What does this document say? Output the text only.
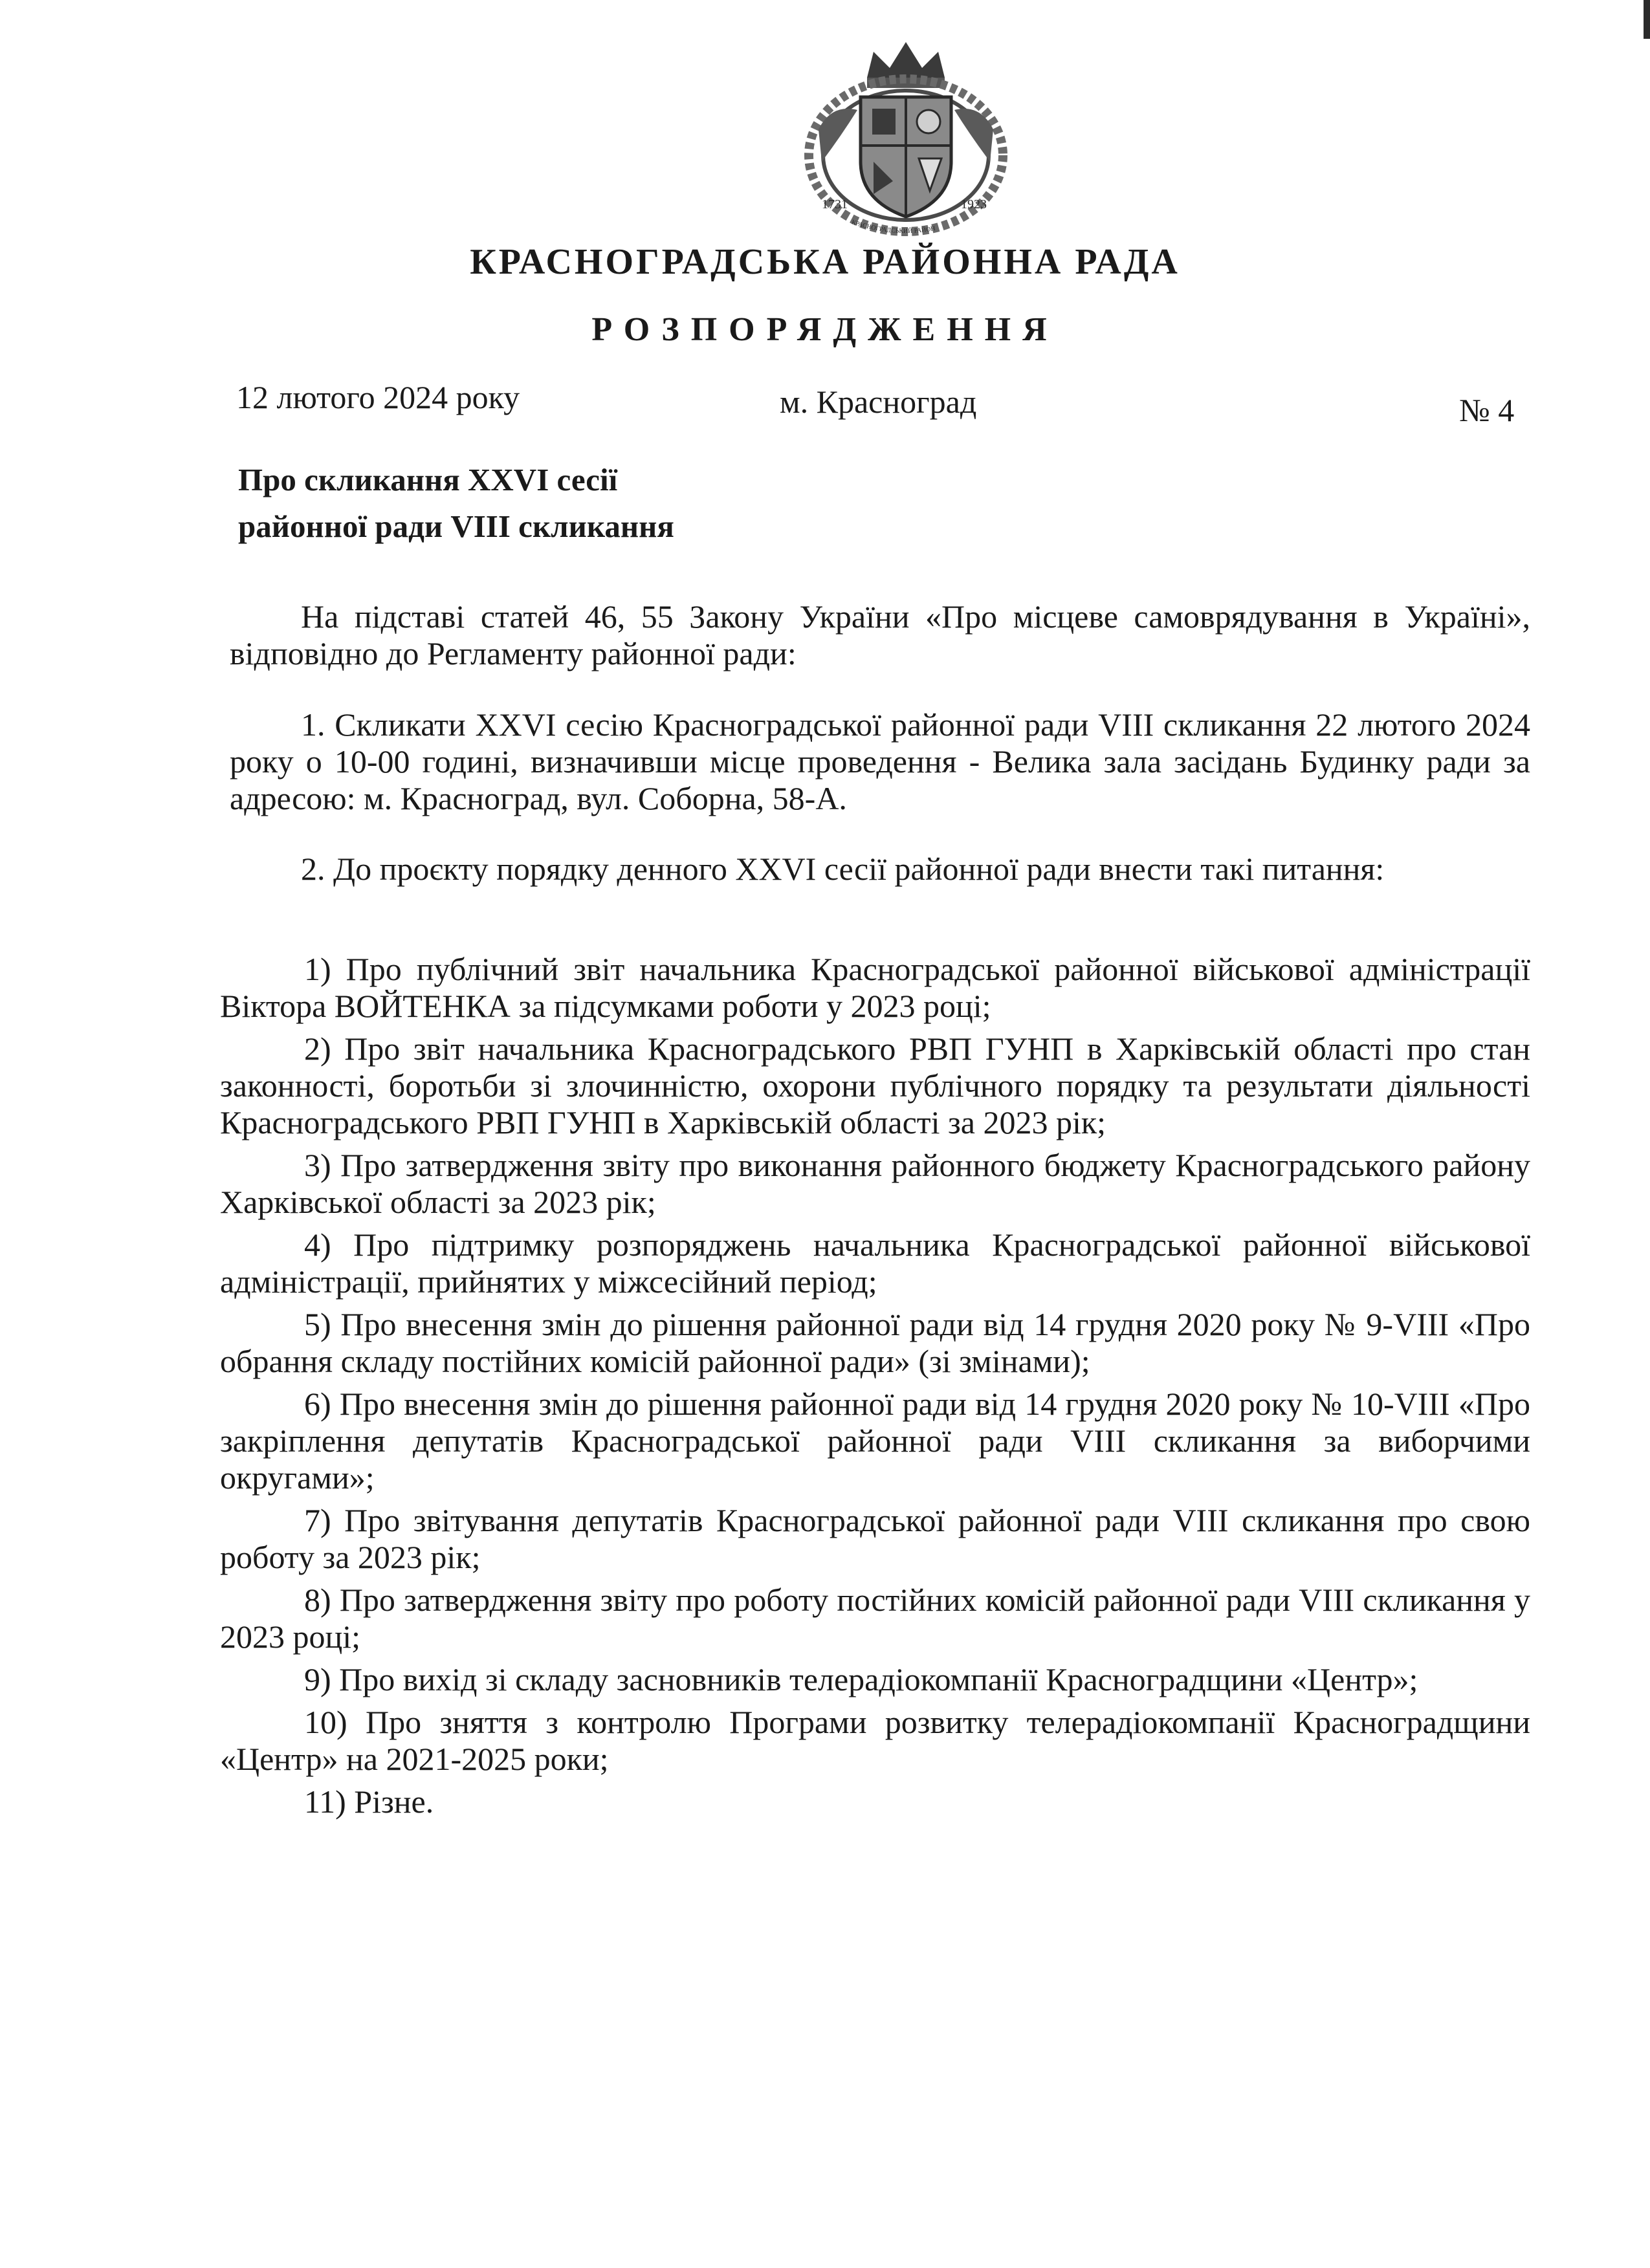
1731	1923
КРАСНОГРАДСЬКИЙ РАЙОН
КРАСНОГРАДСЬКА РАЙОННА РАДА
РОЗПОРЯДЖЕННЯ
12 лютого 2024 року	м. Красноград	№ 4
Про скликання XXVI сесії
районної ради VIII скликання
На підставі статей 46, 55 Закону України «Про місцеве самоврядування в Україні», відповідно до Регламенту районної ради:
1. Скликати XXVI сесію Красноградської районної ради VIII скликання 22 лютого 2024 року о 10-00 годині, визначивши місце проведення - Велика зала засідань Будинку ради за адресою: м. Красноград, вул. Соборна, 58-А.
2. До проєкту порядку денного XXVI сесії районної ради внести такі питання:
1) Про публічний звіт начальника Красноградської районної військової адміністрації Віктора ВОЙТЕНКА за підсумками роботи у 2023 році;
2) Про звіт начальника Красноградського РВП ГУНП в Харківській області про стан законності, боротьби зі злочинністю, охорони публічного порядку та результати діяльності Красноградського РВП ГУНП в Харківській області за 2023 рік;
3) Про затвердження звіту про виконання районного бюджету Красноградського району Харківської області за 2023 рік;
4) Про підтримку розпоряджень начальника Красноградської районної військової адміністрації, прийнятих у міжсесійний період;
5) Про внесення змін до рішення районної ради від 14 грудня 2020 року № 9-VIII «Про обрання складу постійних комісій районної ради» (зі змінами);
6) Про внесення змін до рішення районної ради від 14 грудня 2020 року № 10-VIII «Про закріплення депутатів Красноградської районної ради VIII скликання за виборчими округами»;
7) Про звітування депутатів Красноградської районної ради VIII скликання про свою роботу за 2023 рік;
8) Про затвердження звіту про роботу постійних комісій районної ради VIII скликання у 2023 році;
9) Про вихід зі складу засновників телерадіокомпанії Красноградщини «Центр»;
10) Про зняття з контролю Програми розвитку телерадіокомпанії Красноградщини «Центр» на 2021-2025 роки;
11) Різне.
